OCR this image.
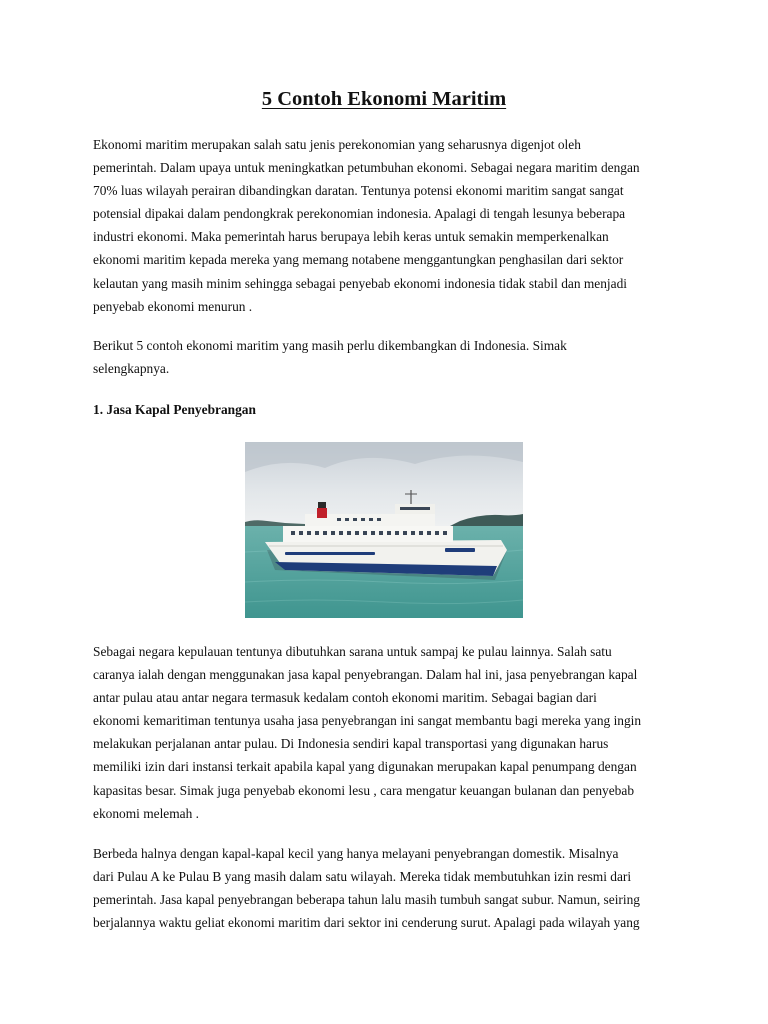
5 Contoh Ekonomi Maritim

Ekonomi maritim merupakan salah satu jenis perekonomian yang seharusnya digenjot oleh
pemerintah. Dalam upaya untuk meningkatkan petumbuhan ekonomi. Sebagai negara maritim dengan
70% luas wilayah perairan dibandingkan daratan. Tentunya potensi ekonomi maritim sangat sangat
potensial dipakai dalam pendongkrak perekonomian indonesia. Apalagi di tengah lesunya beberapa
industri ekonomi. Maka pemerintah harus berupaya lebih keras untuk semakin memperkenalkan
ekonomi maritim kepada mereka yang memang notabene menggantungkan penghasilan dari sektor
kelautan yang masih minim sehingga sebagai penyebab ekonomi indonesia tidak stabil dan menjadi
penyebab ekonomi menurun .

Berikut 5 contoh ekonomi maritim yang masih perlu dikembangkan di Indonesia. Simak
selengkapnya.

1. Jasa Kapal Penyebrangan

Sebagai negara kepulauan tentunya dibutuhkan sarana untuk sampaj ke pulau lainnya. Salah satu
caranya ialah dengan menggunakan jasa kapal penyebrangan. Dalam hal ini, jasa penyebrangan kapal
antar pulau atau antar negara termasuk kedalam contoh ekonomi maritim. Sebagai bagian dari
ekonomi kemaritiman tentunya usaha jasa penyebrangan ini sangat membantu bagi mereka yang ingin
melakukan perjalanan antar pulau. Di Indonesia sendiri kapal transportasi yang digunakan harus
memiliki izin dari instansi terkait apabila kapal yang digunakan merupakan kapal penumpang dengan
kapasitas besar. Simak juga penyebab ekonomi lesu , cara mengatur keuangan bulanan dan penyebab
ekonomi melemah .

Berbeda halnya dengan kapal-kapal kecil yang hanya melayani penyebrangan domestik. Misalnya
dari Pulau A ke Pulau B yang masih dalam satu wilayah. Mereka tidak membutuhkan izin resmi dari
pemerintah. Jasa kapal penyebrangan beberapa tahun lalu masih tumbuh sangat subur. Namun, seiring
berjalannya waktu geliat ekonomi maritim dari sektor ini cenderung surut. Apalagi pada wilayah yang
